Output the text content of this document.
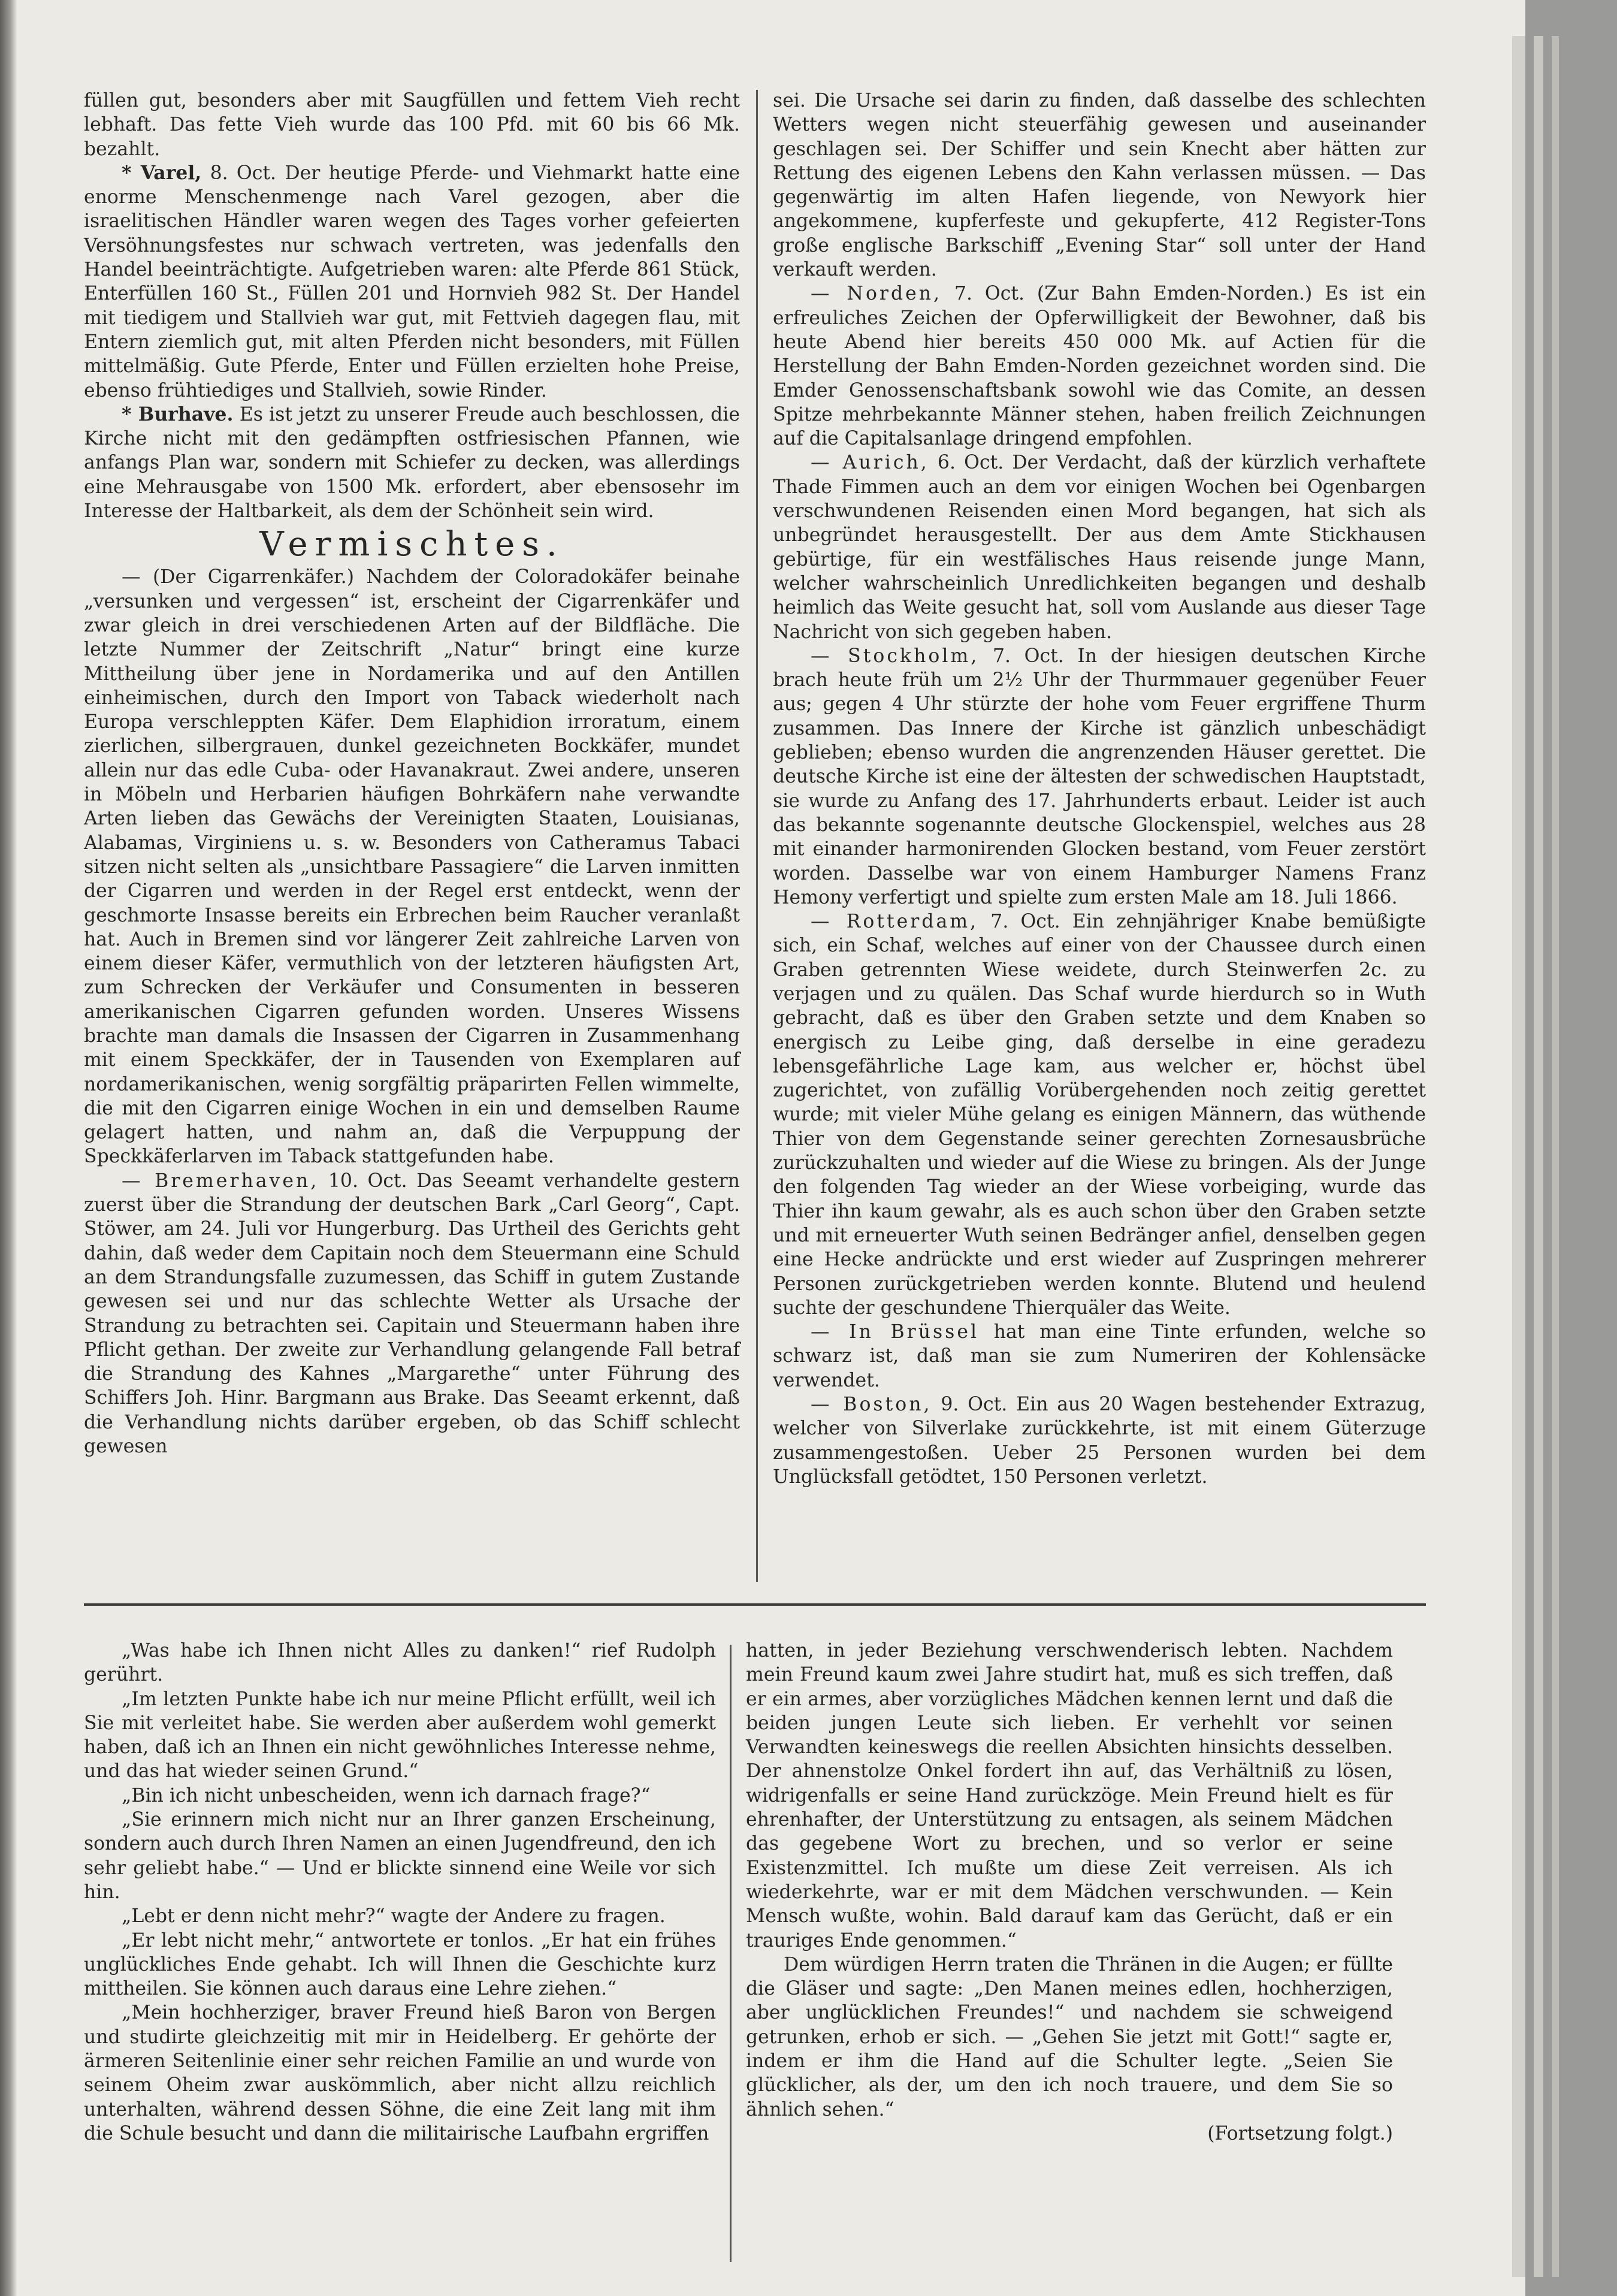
füllen gut, besonders aber mit Saugfüllen und fettem Vieh recht lebhaft. Das fette Vieh wurde das 100 Pfd. mit 60 bis 66 Mk. bezahlt.

* Varel, 8. Oct. Der heutige Pferde- und Viehmarkt hatte eine enorme Menschenmenge nach Varel gezogen, aber die israelitischen Händler waren wegen des Tages vorher gefeierten Versöhnungsfestes nur schwach vertreten, was jedenfalls den Handel beeinträchtigte. Aufgetrieben waren: alte Pferde 861 Stück, Enterfüllen 160 St., Füllen 201 und Hornvieh 982 St. Der Handel mit tiedigem und Stallvieh war gut, mit Fettvieh dagegen flau, mit Entern ziemlich gut, mit alten Pferden nicht besonders, mit Füllen mittelmäßig. Gute Pferde, Enter und Füllen erzielten hohe Preise, ebenso frühtiediges und Stallvieh, sowie Rinder.

* Burhave. Es ist jetzt zu unserer Freude auch beschlossen, die Kirche nicht mit den gedämpften ostfriesischen Pfannen, wie anfangs Plan war, sondern mit Schiefer zu decken, was allerdings eine Mehrausgabe von 1500 Mk. erfordert, aber ebensosehr im Interesse der Haltbarkeit, als dem der Schönheit sein wird.

Vermischtes.

— (Der Cigarrenkäfer.) Nachdem der Coloradokäfer beinahe „versunken und vergessen“ ist, erscheint der Cigarrenkäfer und zwar gleich in drei verschiedenen Arten auf der Bildfläche. Die letzte Nummer der Zeitschrift „Natur“ bringt eine kurze Mittheilung über jene in Nordamerika und auf den Antillen einheimischen, durch den Import von Taback wiederholt nach Europa verschleppten Käfer. Dem Elaphidion irroratum, einem zierlichen, silbergrauen, dunkel gezeichneten Bockkäfer, mundet allein nur das edle Cuba- oder Havanakraut. Zwei andere, unseren in Möbeln und Herbarien häufigen Bohrkäfern nahe verwandte Arten lieben das Gewächs der Vereinigten Staaten, Louisianas, Alabamas, Virginiens u. s. w. Besonders von Catheramus Tabaci sitzen nicht selten als „unsichtbare Passagiere“ die Larven inmitten der Cigarren und werden in der Regel erst entdeckt, wenn der geschmorte Insasse bereits ein Erbrechen beim Raucher veranlaßt hat. Auch in Bremen sind vor längerer Zeit zahlreiche Larven von einem dieser Käfer, vermuthlich von der letzteren häufigsten Art, zum Schrecken der Verkäufer und Consumenten in besseren amerikanischen Cigarren gefunden worden. Unseres Wissens brachte man damals die Insassen der Cigarren in Zusammenhang mit einem Speckkäfer, der in Tausenden von Exemplaren auf nordamerikanischen, wenig sorgfältig präparirten Fellen wimmelte, die mit den Cigarren einige Wochen in ein und demselben Raume gelagert hatten, und nahm an, daß die Verpuppung der Speckkäferlarven im Taback stattgefunden habe.

— Bremerhaven, 10. Oct. Das Seeamt verhandelte gestern zuerst über die Strandung der deutschen Bark „Carl Georg“, Capt. Stöwer, am 24. Juli vor Hungerburg. Das Urtheil des Gerichts geht dahin, daß weder dem Capitain noch dem Steuermann eine Schuld an dem Strandungsfalle zuzumessen, das Schiff in gutem Zustande gewesen sei und nur das schlechte Wetter als Ursache der Strandung zu betrachten sei. Capitain und Steuermann haben ihre Pflicht gethan. Der zweite zur Verhandlung gelangende Fall betraf die Strandung des Kahnes „Margarethe“ unter Führung des Schiffers Joh. Hinr. Bargmann aus Brake. Das Seeamt erkennt, daß die Verhandlung nichts darüber ergeben, ob das Schiff schlecht gewesen

sei. Die Ursache sei darin zu finden, daß dasselbe des schlechten Wetters wegen nicht steuerfähig gewesen und auseinander geschlagen sei. Der Schiffer und sein Knecht aber hätten zur Rettung des eigenen Lebens den Kahn verlassen müssen. — Das gegenwärtig im alten Hafen liegende, von Newyork hier angekommene, kupferfeste und gekupferte, 412 Register-Tons große englische Barkschiff „Evening Star“ soll unter der Hand verkauft werden.

— Norden, 7. Oct. (Zur Bahn Emden-Norden.) Es ist ein erfreuliches Zeichen der Opferwilligkeit der Bewohner, daß bis heute Abend hier bereits 450 000 Mk. auf Actien für die Herstellung der Bahn Emden-Norden gezeichnet worden sind. Die Emder Genossenschaftsbank sowohl wie das Comite, an dessen Spitze mehrbekannte Männer stehen, haben freilich Zeichnungen auf die Capitalsanlage dringend empfohlen.

— Aurich, 6. Oct. Der Verdacht, daß der kürzlich verhaftete Thade Fimmen auch an dem vor einigen Wochen bei Ogenbargen verschwundenen Reisenden einen Mord begangen, hat sich als unbegründet herausgestellt. Der aus dem Amte Stickhausen gebürtige, für ein westfälisches Haus reisende junge Mann, welcher wahrscheinlich Unredlichkeiten begangen und deshalb heimlich das Weite gesucht hat, soll vom Auslande aus dieser Tage Nachricht von sich gegeben haben.

— Stockholm, 7. Oct. In der hiesigen deutschen Kirche brach heute früh um 2½ Uhr der Thurmmauer gegenüber Feuer aus; gegen 4 Uhr stürzte der hohe vom Feuer ergriffene Thurm zusammen. Das Innere der Kirche ist gänzlich unbeschädigt geblieben; ebenso wurden die angrenzenden Häuser gerettet. Die deutsche Kirche ist eine der ältesten der schwedischen Hauptstadt, sie wurde zu Anfang des 17. Jahrhunderts erbaut. Leider ist auch das bekannte sogenannte deutsche Glockenspiel, welches aus 28 mit einander harmonirenden Glocken bestand, vom Feuer zerstört worden. Dasselbe war von einem Hamburger Namens Franz Hemony verfertigt und spielte zum ersten Male am 18. Juli 1866.

— Rotterdam, 7. Oct. Ein zehnjähriger Knabe bemüßigte sich, ein Schaf, welches auf einer von der Chaussee durch einen Graben getrennten Wiese weidete, durch Steinwerfen 2c. zu verjagen und zu quälen. Das Schaf wurde hierdurch so in Wuth gebracht, daß es über den Graben setzte und dem Knaben so energisch zu Leibe ging, daß derselbe in eine geradezu lebensgefährliche Lage kam, aus welcher er, höchst übel zugerichtet, von zufällig Vorübergehenden noch zeitig gerettet wurde; mit vieler Mühe gelang es einigen Männern, das wüthende Thier von dem Gegenstande seiner gerechten Zornesausbrüche zurückzuhalten und wieder auf die Wiese zu bringen. Als der Junge den folgenden Tag wieder an der Wiese vorbeiging, wurde das Thier ihn kaum gewahr, als es auch schon über den Graben setzte und mit erneuerter Wuth seinen Bedränger anfiel, denselben gegen eine Hecke andrückte und erst wieder auf Zuspringen mehrerer Personen zurückgetrieben werden konnte. Blutend und heulend suchte der geschundene Thierquäler das Weite.

— In Brüssel hat man eine Tinte erfunden, welche so schwarz ist, daß man sie zum Numeriren der Kohlensäcke verwendet.

— Boston, 9. Oct. Ein aus 20 Wagen bestehender Extrazug, welcher von Silverlake zurückkehrte, ist mit einem Güterzuge zusammengestoßen. Ueber 25 Personen wurden bei dem Unglücksfall getödtet, 150 Personen verletzt.

„Was habe ich Ihnen nicht Alles zu danken!“ rief Rudolph gerührt.

„Im letzten Punkte habe ich nur meine Pflicht erfüllt, weil ich Sie mit verleitet habe. Sie werden aber außerdem wohl gemerkt haben, daß ich an Ihnen ein nicht gewöhnliches Interesse nehme, und das hat wieder seinen Grund.“

„Bin ich nicht unbescheiden, wenn ich darnach frage?“

„Sie erinnern mich nicht nur an Ihrer ganzen Erscheinung, sondern auch durch Ihren Namen an einen Jugendfreund, den ich sehr geliebt habe.“ — Und er blickte sinnend eine Weile vor sich hin.

„Lebt er denn nicht mehr?“ wagte der Andere zu fragen.

„Er lebt nicht mehr,“ antwortete er tonlos. „Er hat ein frühes unglückliches Ende gehabt. Ich will Ihnen die Geschichte kurz mittheilen. Sie können auch daraus eine Lehre ziehen.“

„Mein hochherziger, braver Freund hieß Baron von Bergen und studirte gleichzeitig mit mir in Heidelberg. Er gehörte der ärmeren Seitenlinie einer sehr reichen Familie an und wurde von seinem Oheim zwar auskömmlich, aber nicht allzu reichlich unterhalten, während dessen Söhne, die eine Zeit lang mit ihm die Schule besucht und dann die militairische Laufbahn ergriffen

hatten, in jeder Beziehung verschwenderisch lebten. Nachdem mein Freund kaum zwei Jahre studirt hat, muß es sich treffen, daß er ein armes, aber vorzügliches Mädchen kennen lernt und daß die beiden jungen Leute sich lieben. Er verhehlt vor seinen Verwandten keineswegs die reellen Absichten hinsichts desselben. Der ahnenstolze Onkel fordert ihn auf, das Verhältniß zu lösen, widrigenfalls er seine Hand zurückzöge. Mein Freund hielt es für ehrenhafter, der Unterstützung zu entsagen, als seinem Mädchen das gegebene Wort zu brechen, und so verlor er seine Existenzmittel. Ich mußte um diese Zeit verreisen. Als ich wiederkehrte, war er mit dem Mädchen verschwunden. — Kein Mensch wußte, wohin. Bald darauf kam das Gerücht, daß er ein trauriges Ende genommen.“

Dem würdigen Herrn traten die Thränen in die Augen; er füllte die Gläser und sagte: „Den Manen meines edlen, hochherzigen, aber unglücklichen Freundes!“ und nachdem sie schweigend getrunken, erhob er sich. — „Gehen Sie jetzt mit Gott!“ sagte er, indem er ihm die Hand auf die Schulter legte. „Seien Sie glücklicher, als der, um den ich noch trauere, und dem Sie so ähnlich sehen.“

(Fortsetzung folgt.)
